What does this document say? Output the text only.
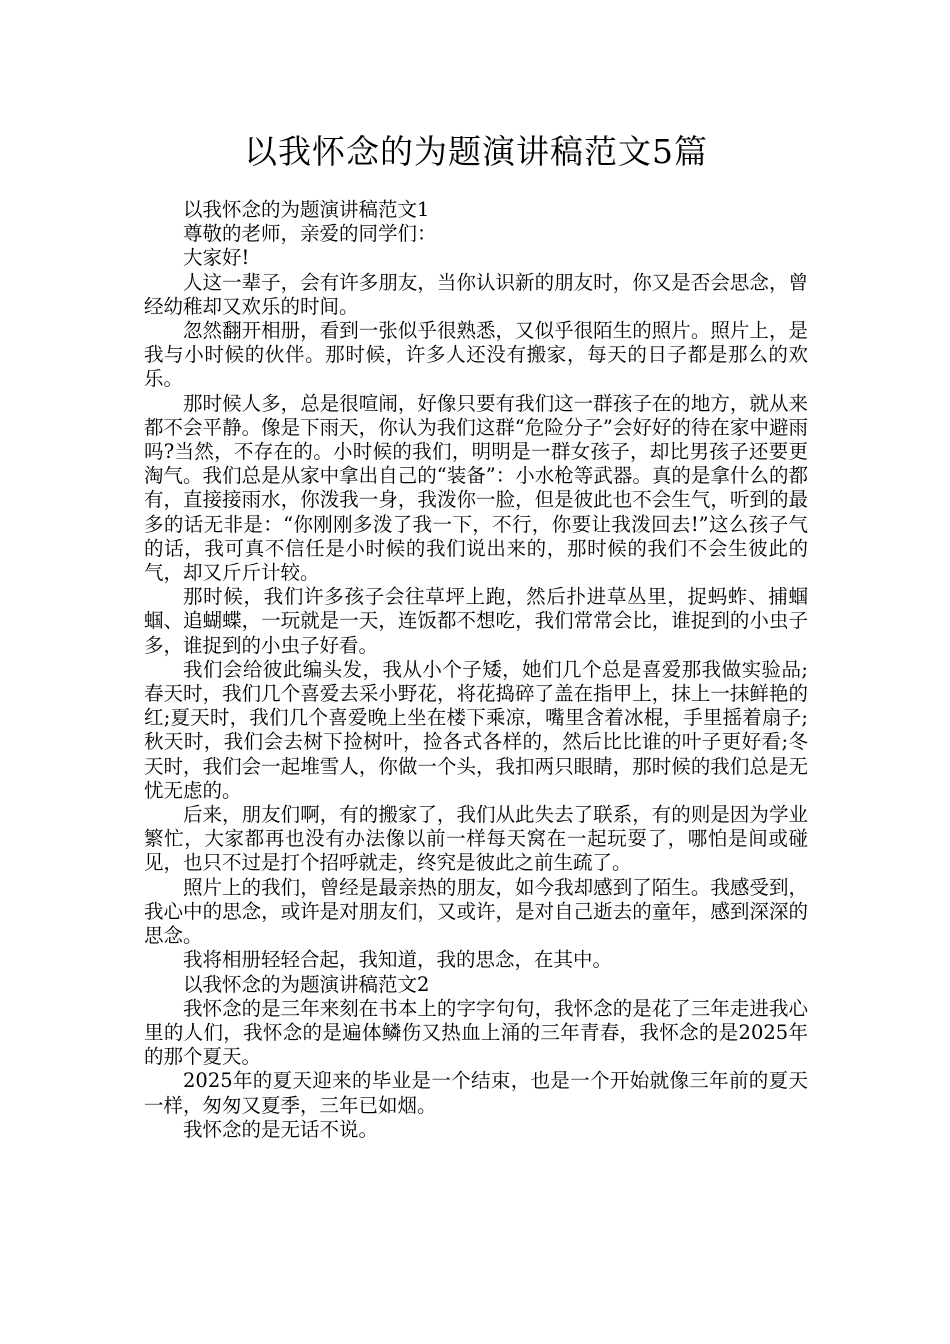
以我怀念的为题演讲稿范文5篇

以我怀念的为题演讲稿范文1

尊敬的老师，亲爱的同学们：

大家好!

人这一辈子，会有许多朋友，当你认识新的朋友时，你又是否会思念，曾经幼稚却又欢乐的时间。

忽然翻开相册，看到一张似乎很熟悉，又似乎很陌生的照片。照片上，是我与小时候的伙伴。那时候，许多人还没有搬家，每天的日子都是那么的欢乐。

那时候人多，总是很喧闹，好像只要有我们这一群孩子在的地方，就从来都不会平静。像是下雨天，你认为我们这群“危险分子”会好好的待在家中避雨吗?当然，不存在的。小时候的我们，明明是一群女孩子，却比男孩子还要更淘气。我们总是从家中拿出自己的“装备”：小水枪等武器。真的是拿什么的都有，直接接雨水，你泼我一身，我泼你一脸，但是彼此也不会生气，听到的最多的话无非是：“你刚刚多泼了我一下，不行，你要让我泼回去!”这么孩子气的话，我可真不信任是小时候的我们说出来的，那时候的我们不会生彼此的气，却又斤斤计较。

那时候，我们许多孩子会往草坪上跑，然后扑进草丛里，捉蚂蚱、捕蝈蝈、追蝴蝶，一玩就是一天，连饭都不想吃，我们常常会比，谁捉到的小虫子多，谁捉到的小虫子好看。

我们会给彼此编头发，我从小个子矮，她们几个总是喜爱那我做实验品;春天时，我们几个喜爱去采小野花，将花捣碎了盖在指甲上，抹上一抹鲜艳的红;夏天时，我们几个喜爱晚上坐在楼下乘凉，嘴里含着冰棍，手里摇着扇子;秋天时，我们会去树下捡树叶，捡各式各样的，然后比比谁的叶子更好看;冬天时，我们会一起堆雪人，你做一个头，我扣两只眼睛，那时候的我们总是无忧无虑的。

后来，朋友们啊，有的搬家了，我们从此失去了联系，有的则是因为学业繁忙，大家都再也没有办法像以前一样每天窝在一起玩耍了，哪怕是间或碰见，也只不过是打个招呼就走，终究是彼此之前生疏了。

照片上的我们，曾经是最亲热的朋友，如今我却感到了陌生。我感受到，我心中的思念，或许是对朋友们，又或许，是对自己逝去的童年，感到深深的思念。

我将相册轻轻合起，我知道，我的思念，在其中。

以我怀念的为题演讲稿范文2

我怀念的是三年来刻在书本上的字字句句，我怀念的是花了三年走进我心里的人们，我怀念的是遍体鳞伤又热血上涌的三年青春，我怀念的是2025年的那个夏天。

2025年的夏天迎来的毕业是一个结束，也是一个开始就像三年前的夏天一样，匆匆又夏季，三年已如烟。

我怀念的是无话不说。
